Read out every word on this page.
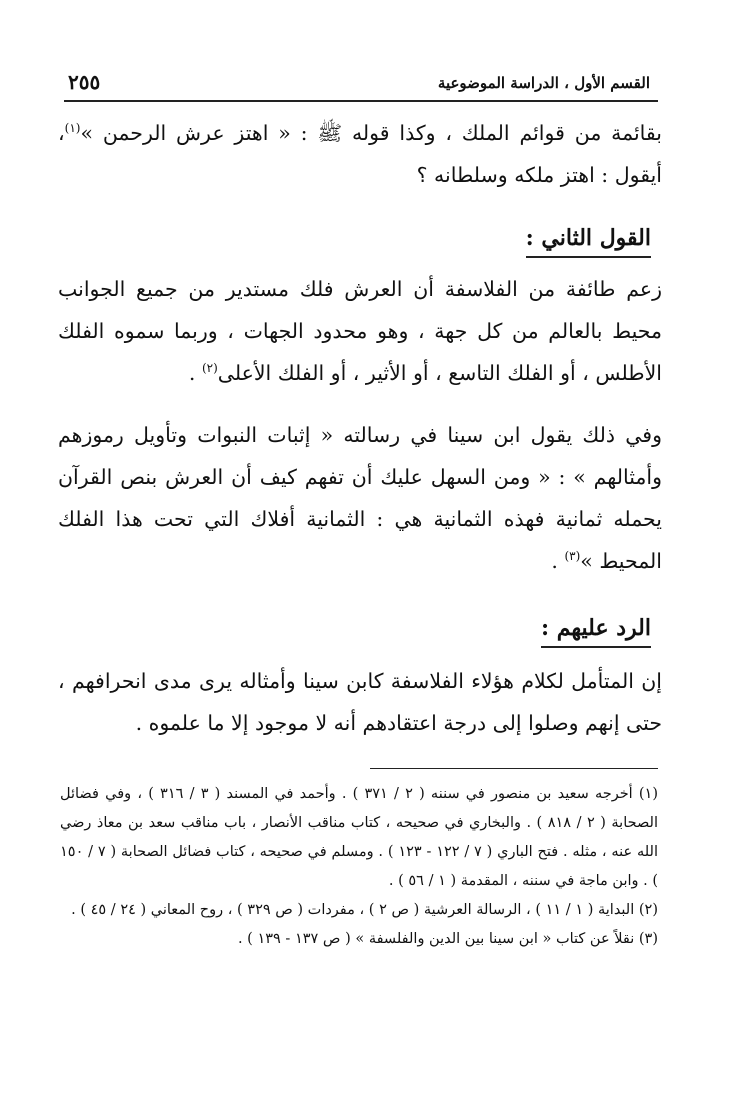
٢٥٥	القسم الأول ، الدراسة الموضوعية
بقائمة من قوائم الملك ، وكذا قوله ﷺ : « اهتز عرش الرحمن »$^{(١)}$، أيقول : اهتز ملكه وسلطانه ؟
القول الثاني :
زعم طائفة من الفلاسفة أن العرش فلك مستدير من جميع الجوانب محيط بالعالم من كل جهة ، وهو محدود الجهات ، وربما سموه الفلك الأطلس ، أو الفلك التاسع ، أو الأثير ، أو الفلك الأعلى$^{(٢)}$ .
وفي ذلك يقول ابن سينا في رسالته « إثبات النبوات وتأويل رموزهم وأمثالهم » : « ومن السهل عليك أن تفهم كيف أن العرش بنص القرآن يحمله ثمانية فهذه الثمانية هي : الثمانية أفلاك التي تحت هذا الفلك المحيط »$^{(٣)}$ .
الرد عليهم :
إن المتأمل لكلام هؤلاء الفلاسفة كابن سينا وأمثاله يرى مدى انحرافهم ، حتى إنهم وصلوا إلى درجة اعتقادهم أنه لا موجود إلا ما علموه .

(١) أخرجه سعيد بن منصور في سننه ( ٢ / ٣٧١ ) . وأحمد في المسند ( ٣ / ٣١٦ ) ، وفي فضائل الصحابة ( ٢ / ٨١٨ ) . والبخاري في صحيحه ، كتاب مناقب الأنصار ، باب مناقب سعد بن معاذ رضي الله عنه ، مثله . فتح الباري ( ٧ / ١٢٢ - ١٢٣ ) . ومسلم في صحيحه ، كتاب فضائل الصحابة ( ٧ / ١٥٠ ) . وابن ماجة في سننه ، المقدمة ( ١ / ٥٦ ) .

(٢) البداية ( ١ / ١١ ) ، الرسالة العرشية ( ص ٢ ) ، مفردات ( ص ٣٢٩ ) ، روح المعاني ( ٢٤ / ٤٥ ) .

(٣) نقلاً عن كتاب « ابن سينا بين الدين والفلسفة » ( ص ١٣٧ - ١٣٩ ) .
